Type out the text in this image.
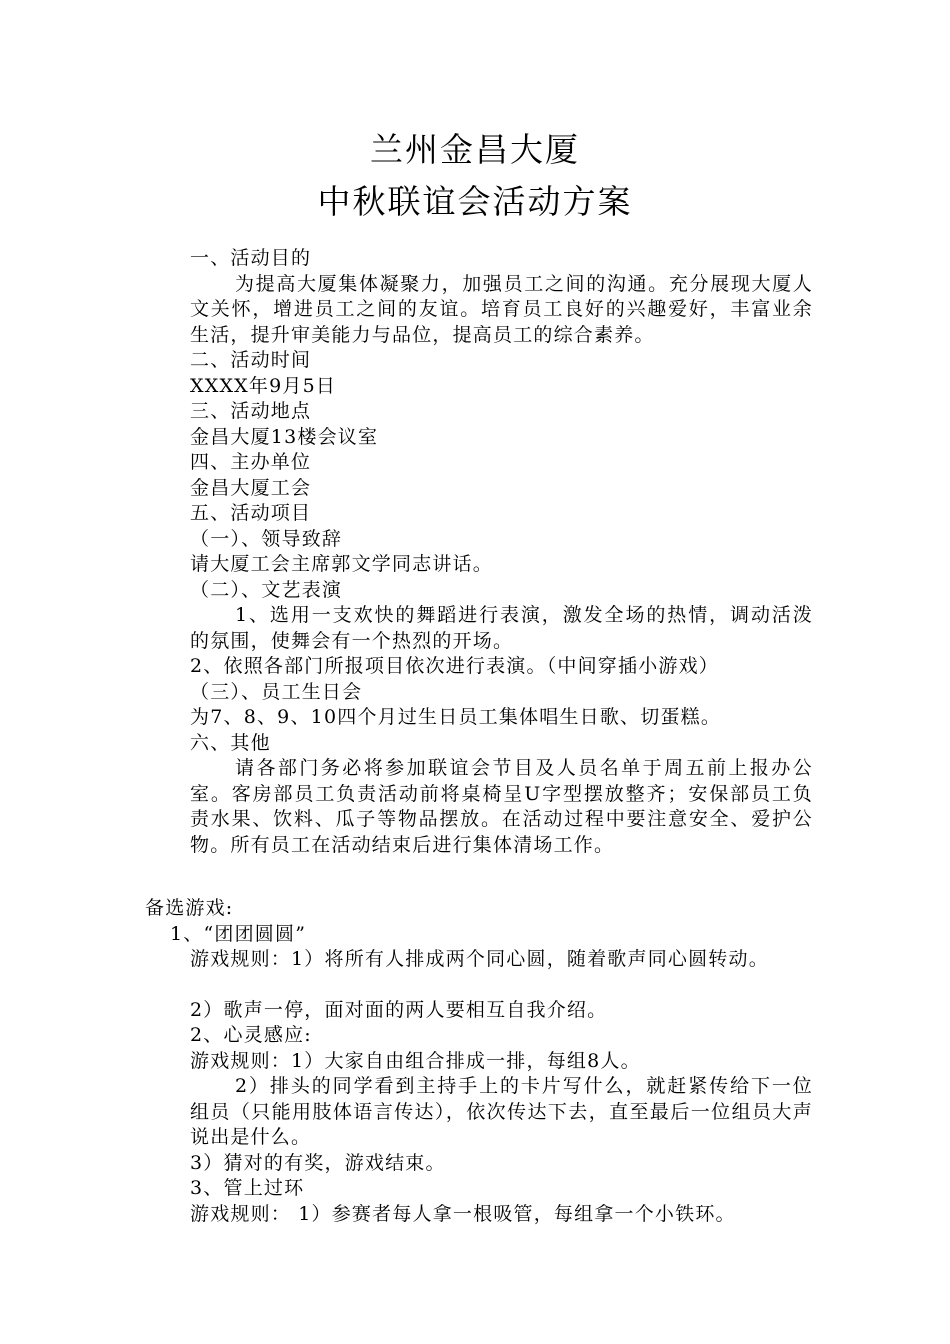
兰州金昌大厦
中秋联谊会活动方案

一、活动目的

为提高大厦集体凝聚力，加强员工之间的沟通。充分展现大厦人文关怀，增进员工之间的友谊。培育员工良好的兴趣爱好，丰富业余生活，提升审美能力与品位，提高员工的综合素养。

二、活动时间

XXXX年9月5日

三、活动地点

金昌大厦13楼会议室

四、主办单位

金昌大厦工会

五、活动项目

（一）、领导致辞

请大厦工会主席郭文学同志讲话。

（二）、文艺表演

1、选用一支欢快的舞蹈进行表演，激发全场的热情，调动活泼的氛围，使舞会有一个热烈的开场。

2、依照各部门所报项目依次进行表演。（中间穿插小游戏）

（三）、员工生日会

为7、8、9、10四个月过生日员工集体唱生日歌、切蛋糕。

六、其他

请各部门务必将参加联谊会节目及人员名单于周五前上报办公室。客房部员工负责活动前将桌椅呈U字型摆放整齐；安保部员工负责水果、饮料、瓜子等物品摆放。在活动过程中要注意安全、爱护公物。所有员工在活动结束后进行集体清场工作。

备选游戏:

1、“团团圆圆”

游戏规则：1）将所有人排成两个同心圆，随着歌声同心圆转动。

2）歌声一停，面对面的两人要相互自我介绍。

2、心灵感应:

游戏规则：1）大家自由组合排成一排，每组8人。

2）排头的同学看到主持手上的卡片写什么，就赶紧传给下一位组员（只能用肢体语言传达），依次传达下去，直至最后一位组员大声说出是什么。

3）猜对的有奖，游戏结束。

3、管上过环

游戏规则： 1）参赛者每人拿一根吸管，每组拿一个小铁环。
